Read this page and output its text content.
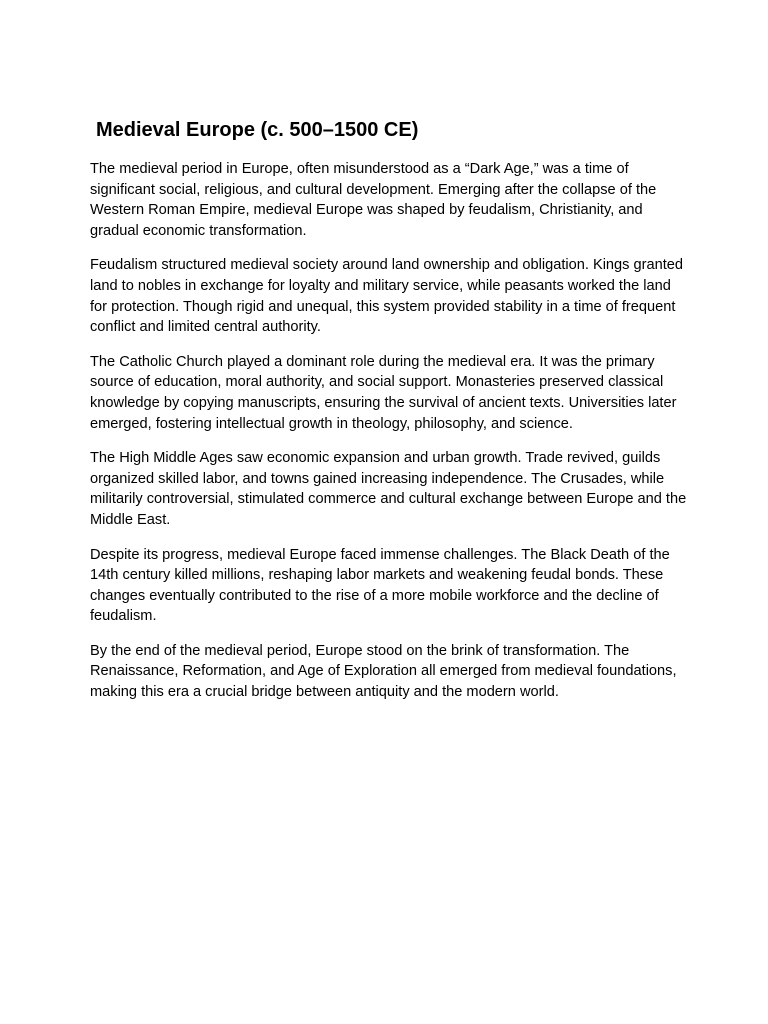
Medieval Europe (c. 500–1500 CE)

The medieval period in Europe, often misunderstood as a “Dark Age,” was a time of significant social, religious, and cultural development. Emerging after the collapse of the Western Roman Empire, medieval Europe was shaped by feudalism, Christianity, and gradual economic transformation.

Feudalism structured medieval society around land ownership and obligation. Kings granted land to nobles in exchange for loyalty and military service, while peasants worked the land for protection. Though rigid and unequal, this system provided stability in a time of frequent conflict and limited central authority.

The Catholic Church played a dominant role during the medieval era. It was the primary source of education, moral authority, and social support. Monasteries preserved classical knowledge by copying manuscripts, ensuring the survival of ancient texts. Universities later emerged, fostering intellectual growth in theology, philosophy, and science.

The High Middle Ages saw economic expansion and urban growth. Trade revived, guilds organized skilled labor, and towns gained increasing independence. The Crusades, while militarily controversial, stimulated commerce and cultural exchange between Europe and the Middle East.

Despite its progress, medieval Europe faced immense challenges. The Black Death of the 14th century killed millions, reshaping labor markets and weakening feudal bonds. These changes eventually contributed to the rise of a more mobile workforce and the decline of feudalism.

By the end of the medieval period, Europe stood on the brink of transformation. The Renaissance, Reformation, and Age of Exploration all emerged from medieval foundations, making this era a crucial bridge between antiquity and the modern world.
